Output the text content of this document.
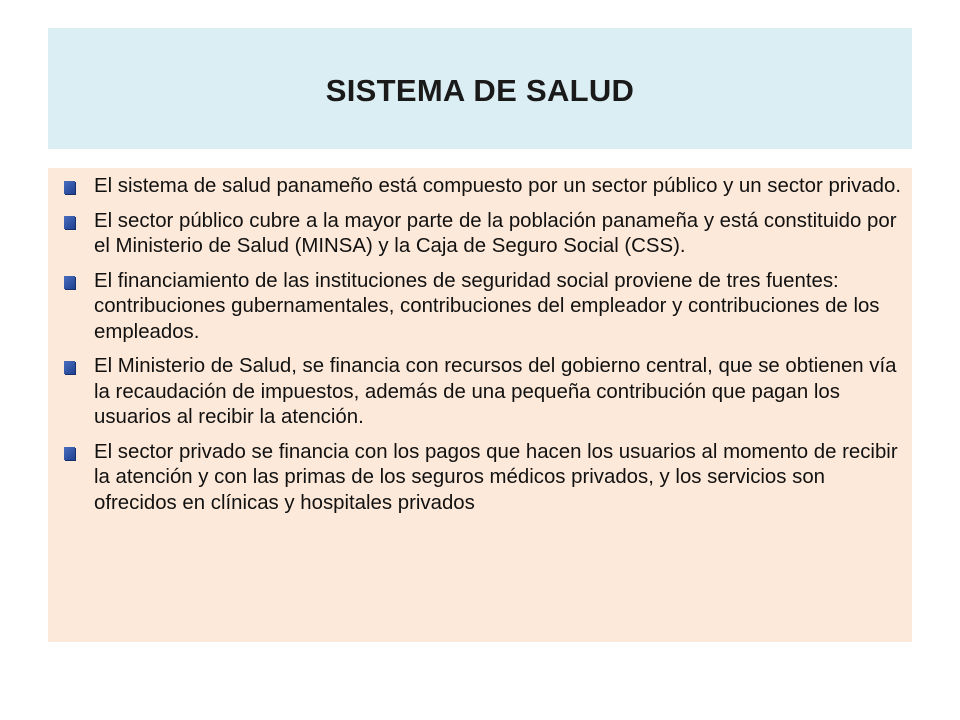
SISTEMA DE SALUD
El sistema de salud panameño está compuesto por un sector público y un sector privado.
El sector público cubre a la mayor parte de la población panameña y está constituido por el Ministerio de Salud (MINSA) y la Caja de Seguro Social (CSS).
El financiamiento de las instituciones de seguridad social proviene de tres fuentes: contribuciones gubernamentales, contribuciones del empleador y contribuciones de los empleados.
El Ministerio de Salud, se financia con recursos del gobierno central, que se obtienen vía la recaudación de impuestos, además de una pequeña contribución que pagan los usuarios al recibir la atención.
El sector privado se financia con los pagos que hacen los usuarios al momento de recibir la atención y con las primas de los seguros médicos privados, y los servicios son ofrecidos en clínicas y hospitales privados
